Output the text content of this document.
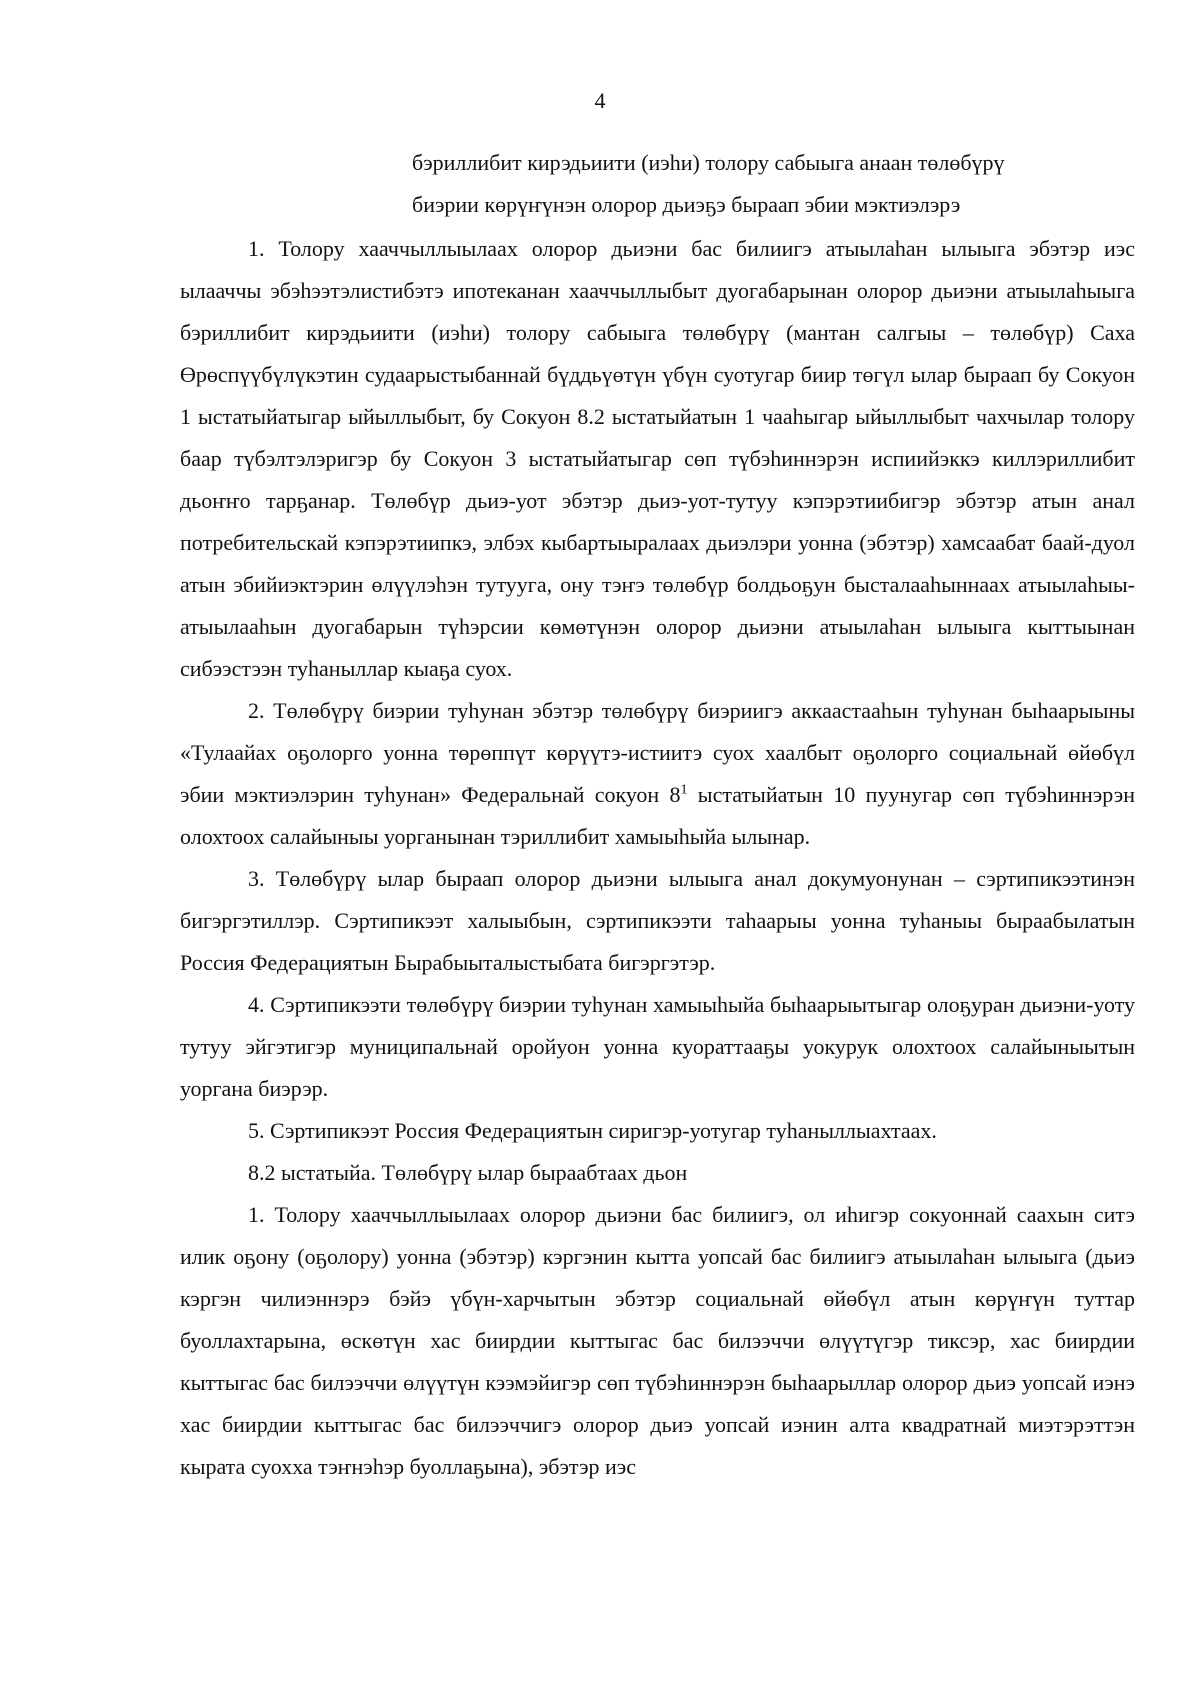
4
бэриллибит кирэдьиити (иэhи) толору сабыыга анаан төлөбүрү
биэрии көрүҥүнэн олорор дьиэҕэ быраап эбии мэктиэлэрэ

1. Толору хааччыллыылаах олорор дьиэни бас билиигэ атыылаhан ылыыга эбэтэр иэс ылааччы эбэhээтэлистибэтэ ипотеканан хааччыллыбыт дуогабарынан олорор дьиэни атыылаhыыга бэриллибит кирэдьиити (иэhи) толору сабыыга төлөбүрү (мантан салгыы – төлөбүр) Саха Өрөспүүбүлүкэтин судаарыстыбаннай бүддьүөтүн үбүн суотугар биир төгүл ылар быраап бу Сокуон 1 ыстатыйатыгар ыйыллыбыт, бу Сокуон 8.2 ыстатыйатын 1 чааhыгар ыйыллыбыт чахчылар толору баар түбэлтэлэригэр бу Сокуон 3 ыстатыйатыгар сөп түбэhиннэрэн испиийэккэ киллэриллибит дьоҥҥо тарҕанар. Төлөбүр дьиэ-уот эбэтэр дьиэ-уот-тутуу кэпэрэтиибигэр эбэтэр атын анал потребительскай кэпэрэтиипкэ, элбэх кыбартыыралаах дьиэлэри уонна (эбэтэр) хамсаабат баай-дуол атын эбийиэктэрин өлүүлэhэн тутууга, ону тэҥэ төлөбүр болдьоҕун бысталааhыннаах атыылаhыы-атыылааhын дуогабарын түhэрсии көмөтүнэн олорор дьиэни атыылаhан ылыыга кыттыынан сибээстээн туhаныллар кыаҕа суох.

2. Төлөбүрү биэрии туhунан эбэтэр төлөбүрү биэриигэ аккаастааhын туhунан быhаарыыны «Тулаайах оҕолорго уонна төрөппүт көрүүтэ-истиитэ суох хаалбыт оҕолорго социальнай өйөбүл эбии мэктиэлэрин туhунан» Федеральнай сокуон $8^1$ ыстатыйатын 10 пуунугар сөп түбэhиннэрэн олохтоох салайыныы уорганынан тэриллибит хамыыhыйа ылынар.

3. Төлөбүрү ылар быраап олорор дьиэни ылыыга анал докумуонунан – сэртипикээтинэн бигэргэтиллэр. Сэртипикээт халыыбын, сэртипикээти таhаарыы уонна туhаныы быраабылатын Россия Федерациятын Бырабыыталыстыбата бигэргэтэр.

4. Сэртипикээти төлөбүрү биэрии туhунан хамыыhыйа быhаарыытыгар олоҕуран дьиэни-уоту тутуу эйгэтигэр муниципальнай оройуон уонна куораттааҕы уокурук олохтоох салайыныытын уоргана биэрэр.

5. Сэртипикээт Россия Федерациятын сиригэр-уотугар туhаныллыахтаах.

8.2 ыстатыйа. Төлөбүрү ылар быраабтаах дьон

1. Толору хааччыллыылаах олорор дьиэни бас билиигэ, ол иhигэр сокуоннай саахын ситэ илик оҕону (оҕолору) уонна (эбэтэр) кэргэнин кытта уопсай бас билиигэ атыылаhан ылыыга (дьиэ кэргэн чилиэннэрэ бэйэ үбүн-харчытын эбэтэр социальнай өйөбүл атын көрүҥүн туттар буоллахтарына, өскөтүн хас биирдии кыттыгас бас билээччи өлүүтүгэр тиксэр, хас биирдии кыттыгас бас билээччи өлүүтүн кээмэйигэр сөп түбэhиннэрэн быhаарыллар олорор дьиэ уопсай иэнэ хас биирдии кыттыгас бас билээччигэ олорор дьиэ уопсай иэнин алта квадратнай миэтэрэттэн кырата суохха тэҥнэhэр буоллаҕына), эбэтэр иэс
